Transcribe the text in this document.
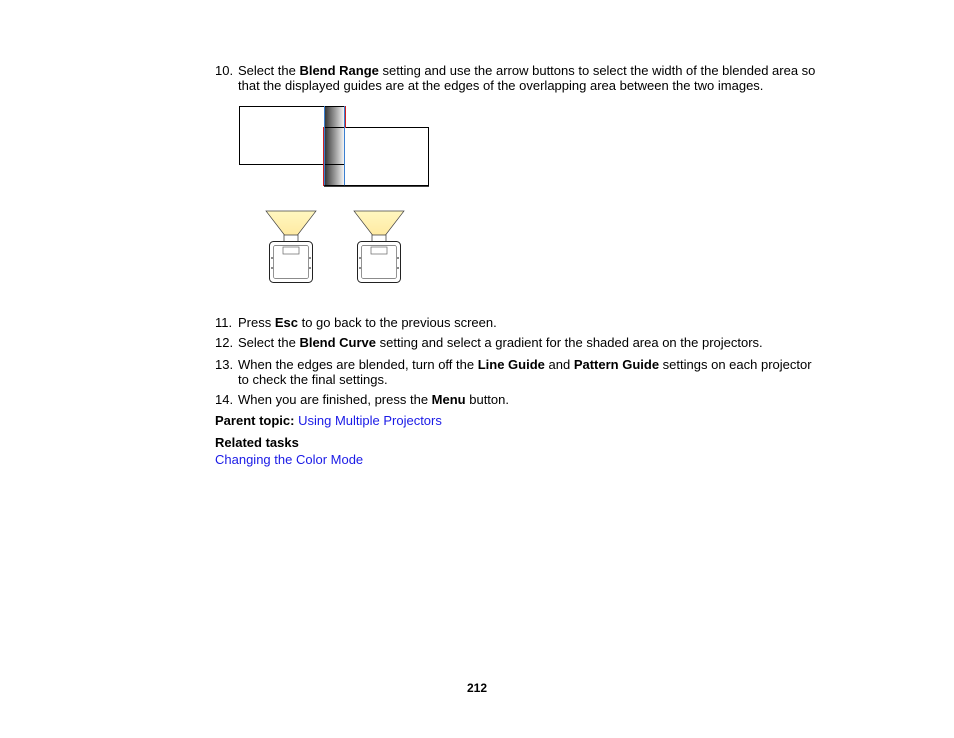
10. Select the Blend Range setting and use the arrow buttons to select the width of the blended area so that the displayed guides are at the edges of the overlapping area between the two images.
11. Press Esc to go back to the previous screen.
12. Select the Blend Curve setting and select a gradient for the shaded area on the projectors.
13. When the edges are blended, turn off the Line Guide and Pattern Guide settings on each projector to check the final settings.
14. When you are finished, press the Menu button.
Parent topic: Using Multiple Projectors
Related tasks
Changing the Color Mode
212
